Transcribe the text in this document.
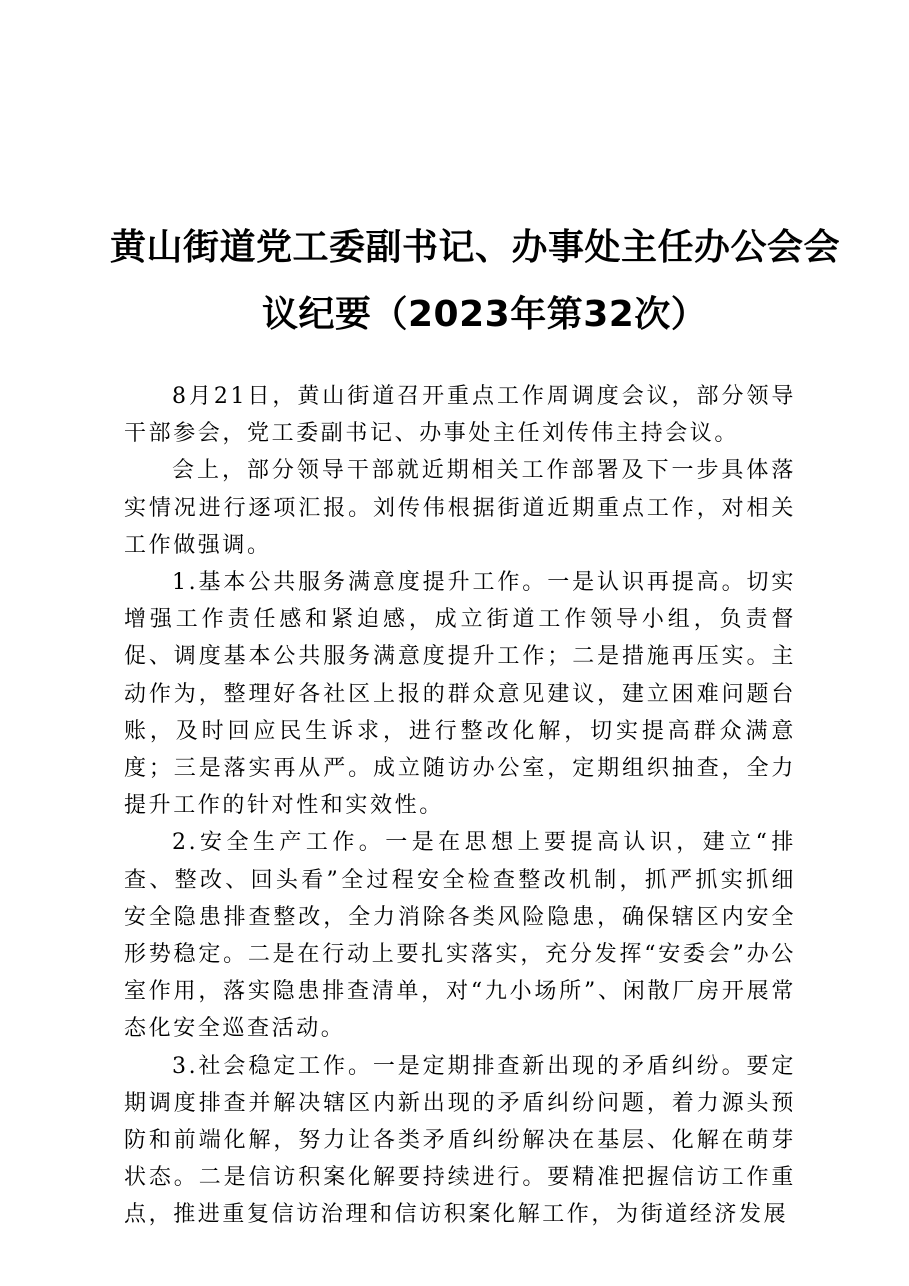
黄山街道党工委副书记、办事处主任办公会会
议纪要（2023年第32次）

8月21日，黄山街道召开重点工作周调度会议，部分领导干部参会，党工委副书记、办事处主任刘传伟主持会议。

会上，部分领导干部就近期相关工作部署及下一步具体落实情况进行逐项汇报。刘传伟根据街道近期重点工作，对相关工作做强调。

1.基本公共服务满意度提升工作。一是认识再提高。切实增强工作责任感和紧迫感，成立街道工作领导小组，负责督促、调度基本公共服务满意度提升工作；二是措施再压实。主动作为，整理好各社区上报的群众意见建议，建立困难问题台账，及时回应民生诉求，进行整改化解，切实提高群众满意度；三是落实再从严。成立随访办公室，定期组织抽查，全力提升工作的针对性和实效性。

2.安全生产工作。一是在思想上要提高认识，建立“排查、整改、回头看”全过程安全检查整改机制，抓严抓实抓细安全隐患排查整改，全力消除各类风险隐患，确保辖区内安全形势稳定。二是在行动上要扎实落实，充分发挥“安委会”办公室作用，落实隐患排查清单，对“九小场所”、闲散厂房开展常态化安全巡查活动。

3.社会稳定工作。一是定期排查新出现的矛盾纠纷。要定期调度排查并解决辖区内新出现的矛盾纠纷问题，着力源头预防和前端化解，努力让各类矛盾纠纷解决在基层、化解在萌芽状态。二是信访积案化解要持续进行。要精准把握信访工作重点，推进重复信访治理和信访积案化解工作，为街道经济发展
